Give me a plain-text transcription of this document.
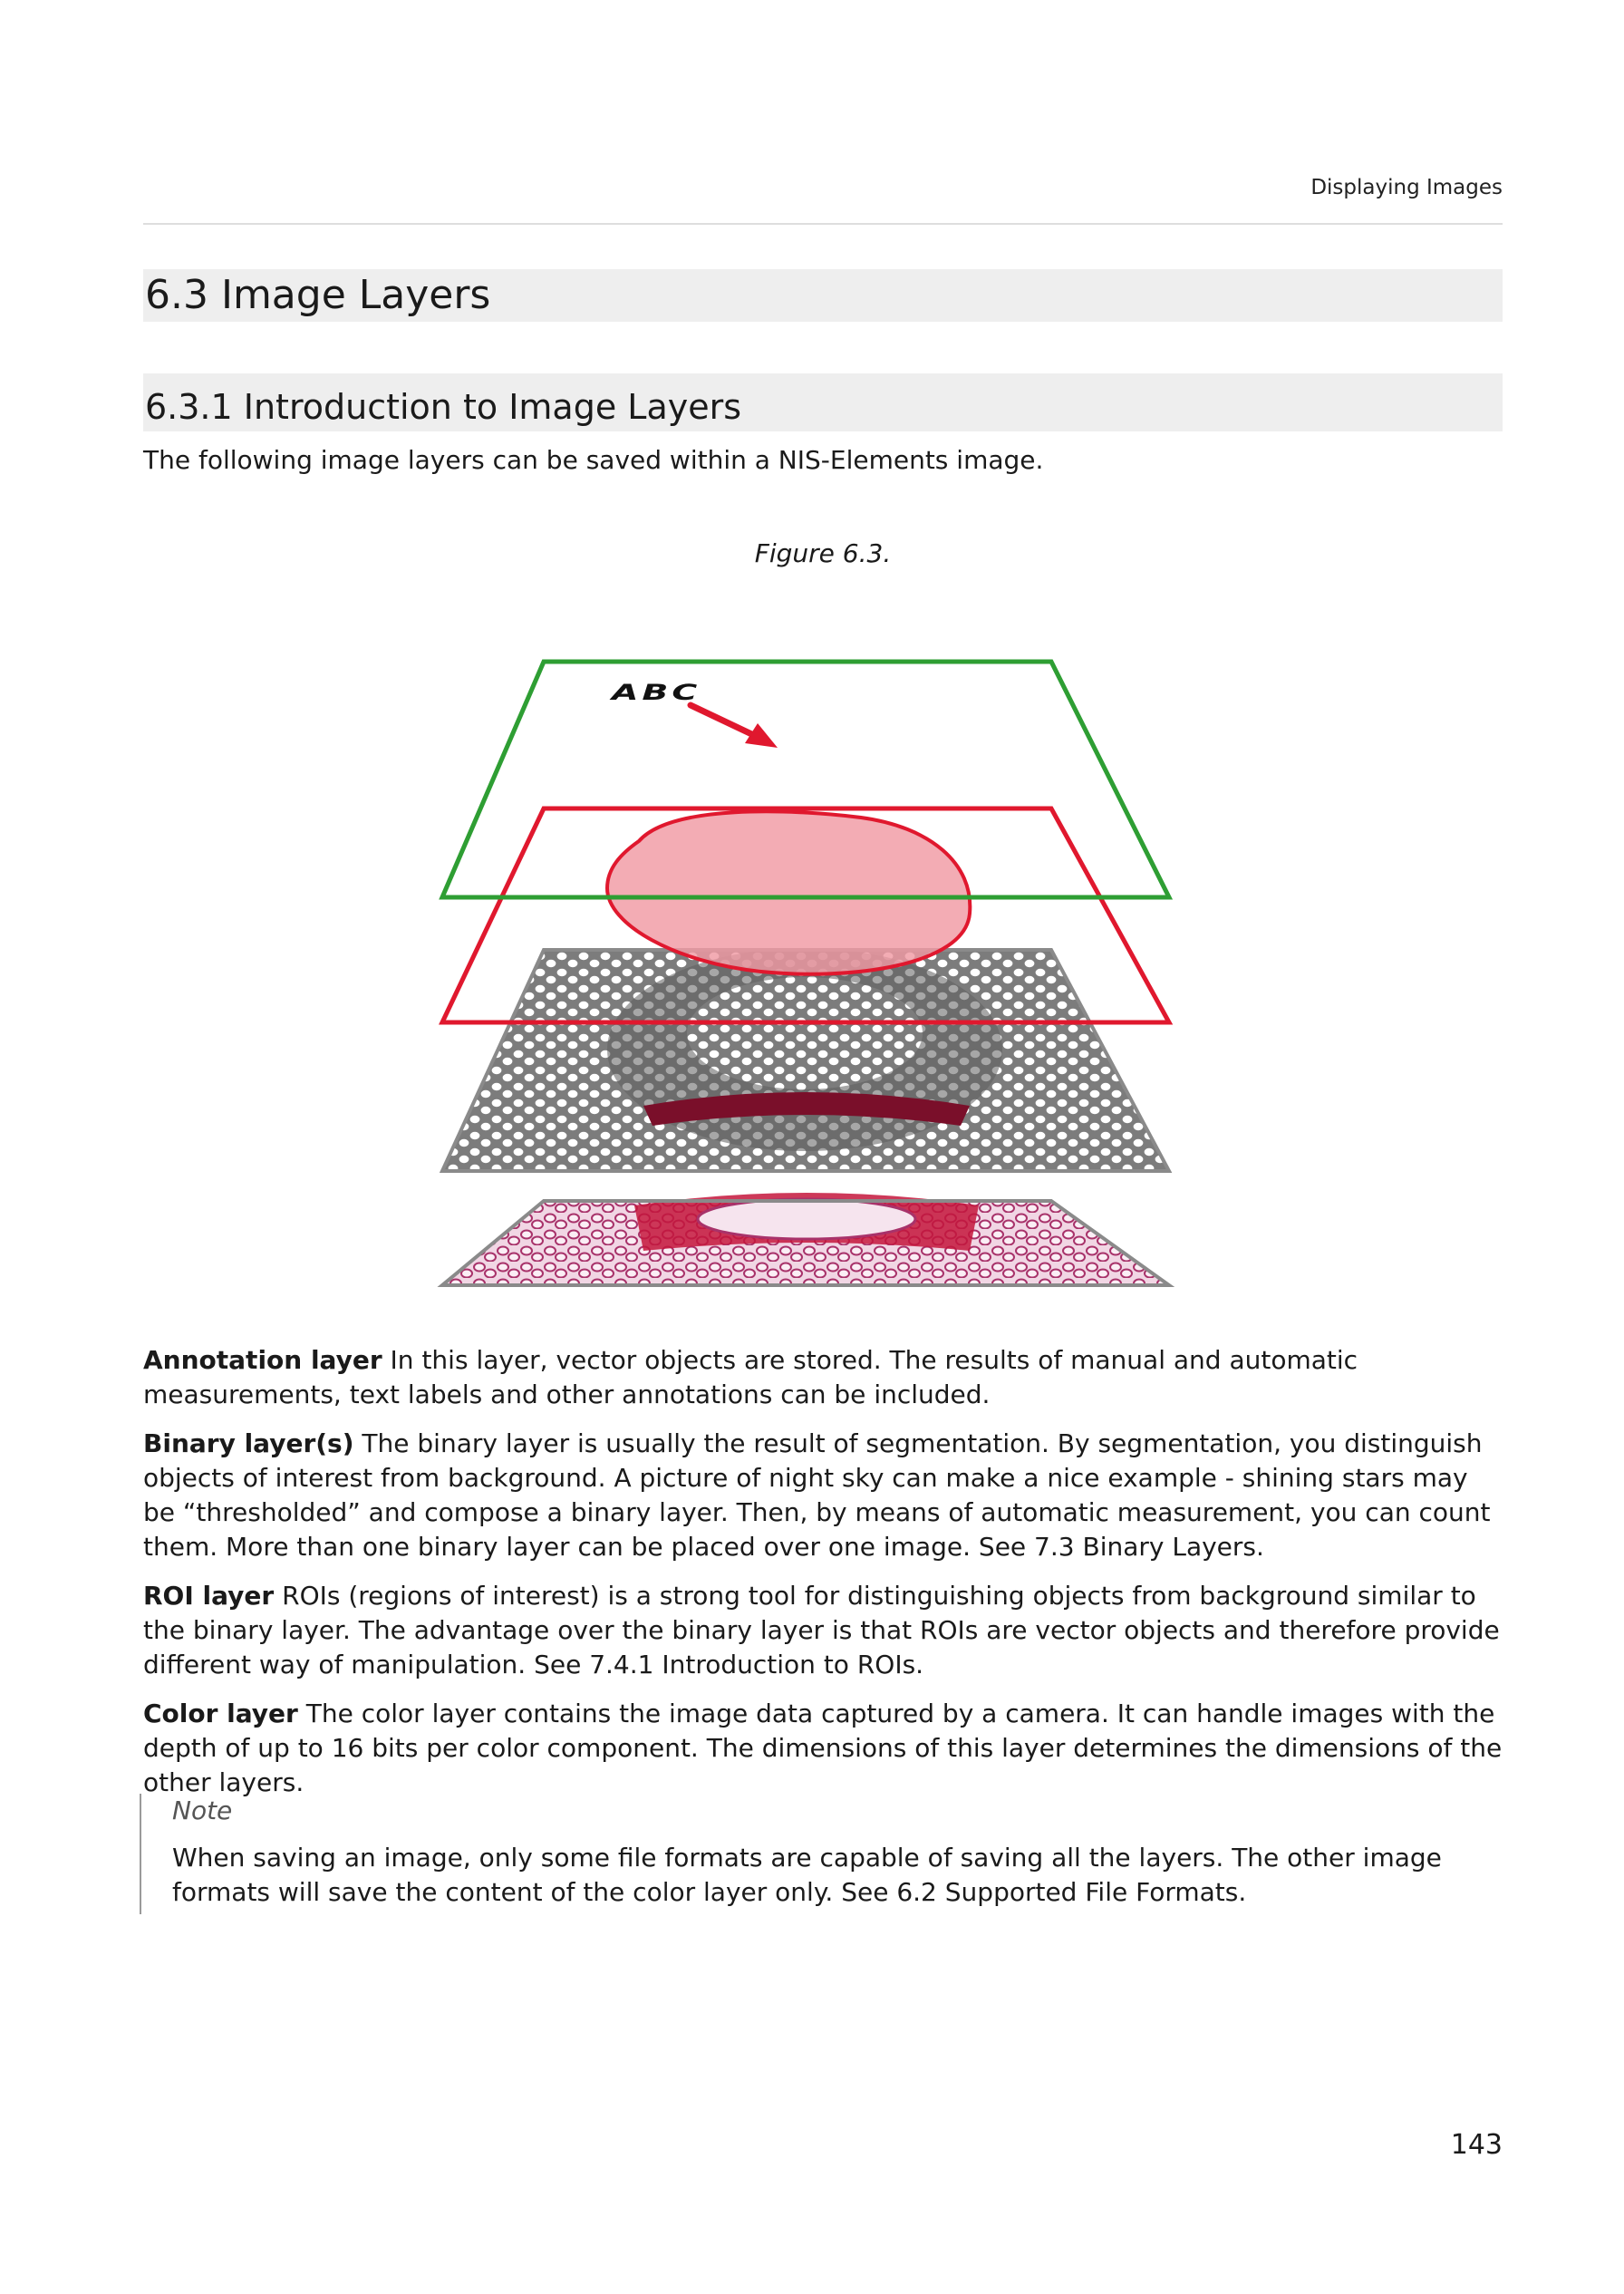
Displaying Images
6.3 Image Layers
6.3.1 Introduction to Image Layers
The following image layers can be saved within a NIS-Elements image.
Figure 6.3.
ABC

Annotation layer In this layer, vector objects are stored. The results of manual and automatic measurements, text labels and other annotations can be included.

Binary layer(s) The binary layer is usually the result of segmentation. By segmentation, you distinguish objects of interest from background. A picture of night sky can make a nice example - shining stars may be “thresholded” and compose a binary layer. Then, by means of automatic measurement, you can count them. More than one binary layer can be placed over one image. See 7.3 Binary Layers.

ROI layer ROIs (regions of interest) is a strong tool for distinguishing objects from background similar to the binary layer. The advantage over the binary layer is that ROIs are vector objects and therefore provide different way of manipulation. See 7.4.1 Introduction to ROIs.

Color layer The color layer contains the image data captured by a camera. It can handle images with the depth of up to 16 bits per color component. The dimensions of this layer determines the dimensions of the other layers.

Note
When saving an image, only some file formats are capable of saving all the layers. The other image formats will save the content of the color layer only. See 6.2 Supported File Formats.
143
